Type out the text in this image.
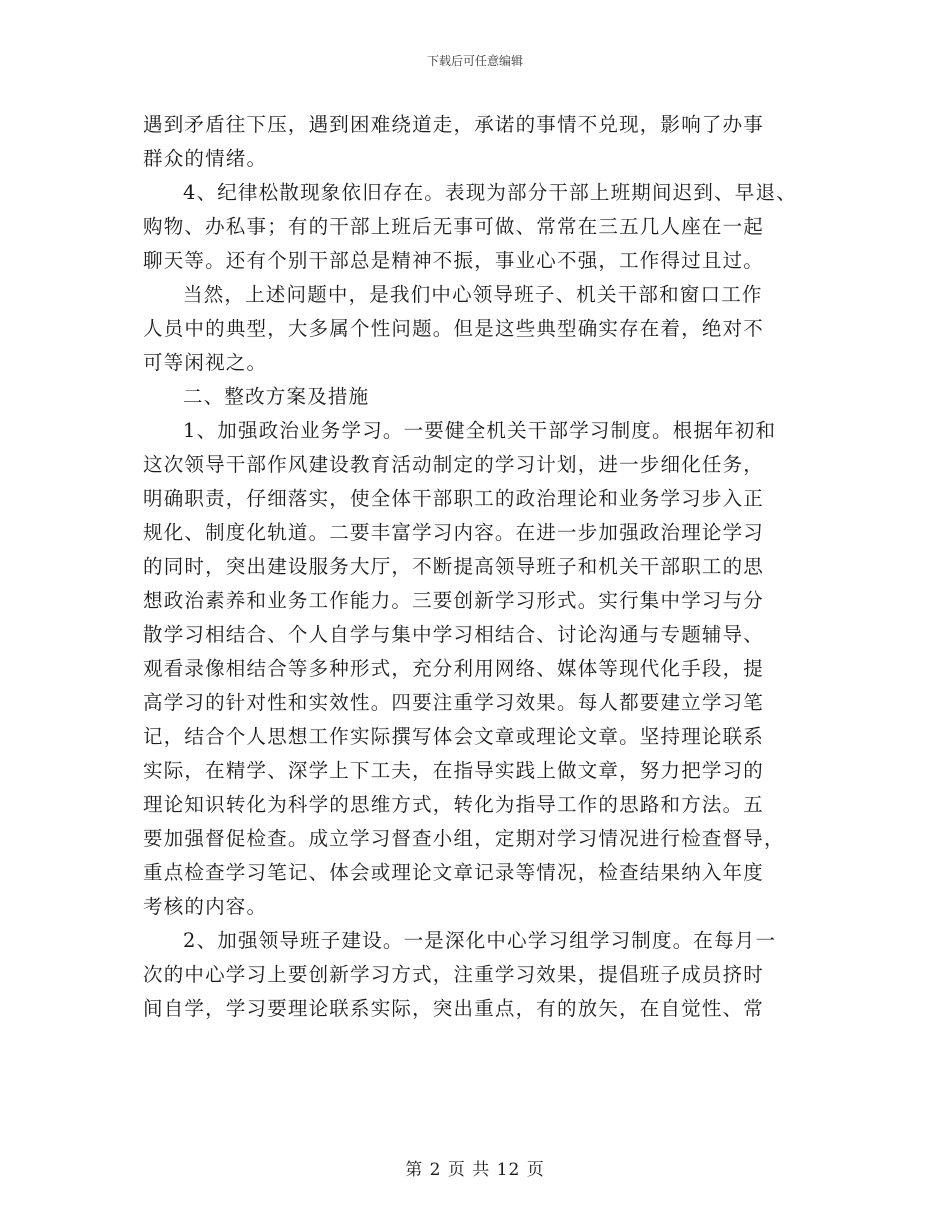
下载后可任意编辑
遇到矛盾往下压，遇到困难绕道走，承诺的事情不兑现，影响了办事
群众的情绪。
4、纪律松散现象依旧存在。表现为部分干部上班期间迟到、早退、
购物、办私事；有的干部上班后无事可做、常常在三五几人座在一起
聊天等。还有个别干部总是精神不振，事业心不强，工作得过且过。
当然，上述问题中，是我们中心领导班子、机关干部和窗口工作
人员中的典型，大多属个性问题。但是这些典型确实存在着，绝对不
可等闲视之。
二、整改方案及措施
1、加强政治业务学习。一要健全机关干部学习制度。根据年初和
这次领导干部作风建设教育活动制定的学习计划，进一步细化任务，
明确职责，仔细落实，使全体干部职工的政治理论和业务学习步入正
规化、制度化轨道。二要丰富学习内容。在进一步加强政治理论学习
的同时，突出建设服务大厅，不断提高领导班子和机关干部职工的思
想政治素养和业务工作能力。三要创新学习形式。实行集中学习与分
散学习相结合、个人自学与集中学习相结合、讨论沟通与专题辅导、
观看录像相结合等多种形式，充分利用网络、媒体等现代化手段，提
高学习的针对性和实效性。四要注重学习效果。每人都要建立学习笔
记，结合个人思想工作实际撰写体会文章或理论文章。坚持理论联系
实际，在精学、深学上下工夫，在指导实践上做文章，努力把学习的
理论知识转化为科学的思维方式，转化为指导工作的思路和方法。五
要加强督促检查。成立学习督查小组，定期对学习情况进行检查督导，
重点检查学习笔记、体会或理论文章记录等情况，检查结果纳入年度
考核的内容。
2、加强领导班子建设。一是深化中心学习组学习制度。在每月一
次的中心学习上要创新学习方式，注重学习效果，提倡班子成员挤时
间自学，学习要理论联系实际，突出重点，有的放矢，在自觉性、常
第 2 页 共 12 页
